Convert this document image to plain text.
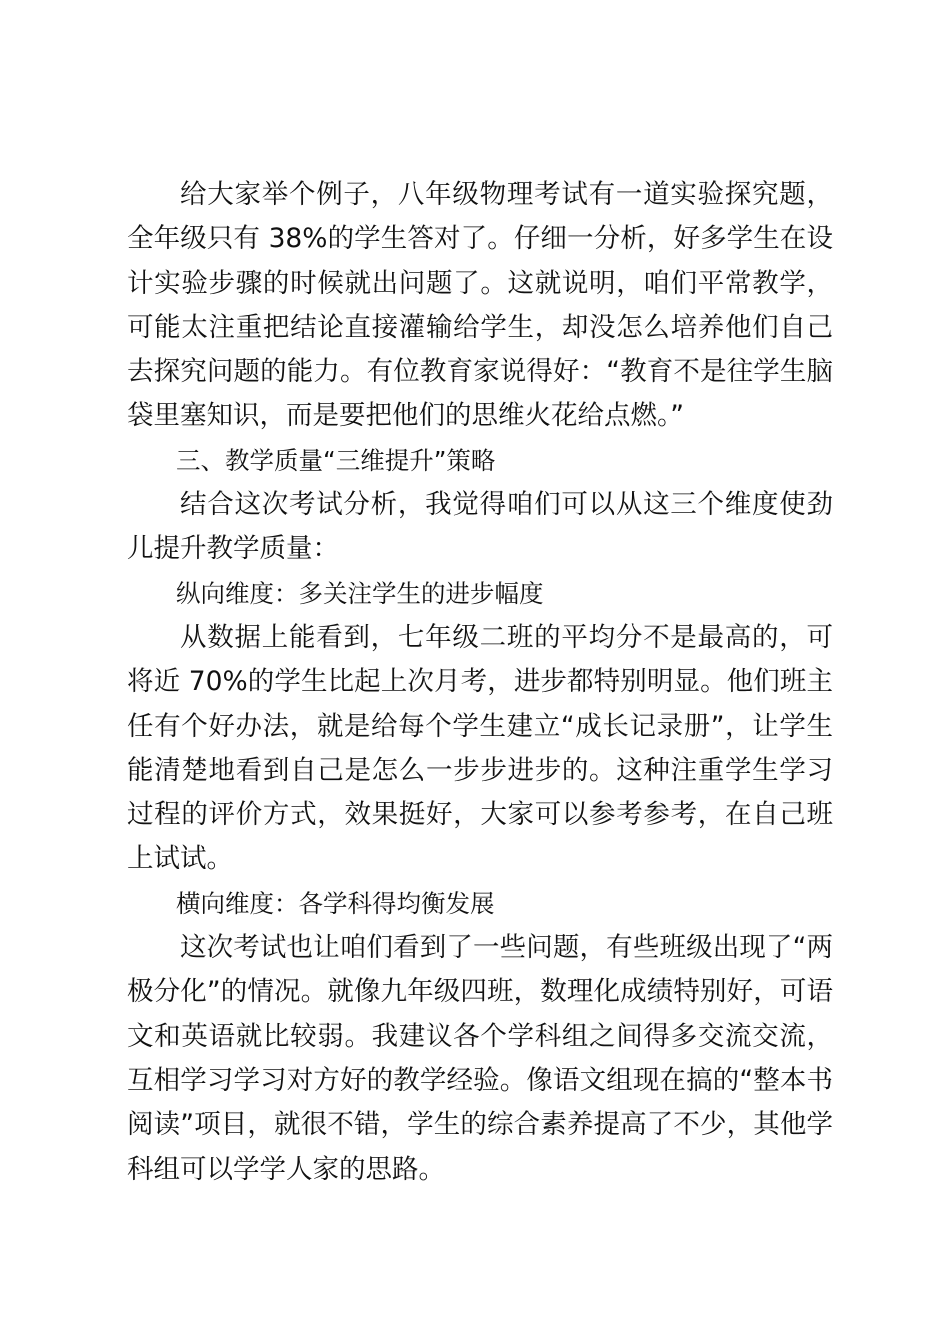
给大家举个例子，八年级物理考试有一道实验探究题，全年级只有 38%的学生答对了。仔细一分析，好多学生在设计实验步骤的时候就出问题了。这就说明，咱们平常教学，可能太注重把结论直接灌输给学生，却没怎么培养他们自己去探究问题的能力。有位教育家说得好：“教育不是往学生脑袋里塞知识，而是要把他们的思维火花给点燃。”

三、教学质量“三维提升”策略

结合这次考试分析，我觉得咱们可以从这三个维度使劲儿提升教学质量：

纵向维度：多关注学生的进步幅度

从数据上能看到，七年级二班的平均分不是最高的，可将近 70%的学生比起上次月考，进步都特别明显。他们班主任有个好办法，就是给每个学生建立“成长记录册”，让学生能清楚地看到自己是怎么一步步进步的。这种注重学生学习过程的评价方式，效果挺好，大家可以参考参考，在自己班上试试。

横向维度：各学科得均衡发展

这次考试也让咱们看到了一些问题，有些班级出现了“两极分化”的情况。就像九年级四班，数理化成绩特别好，可语文和英语就比较弱。我建议各个学科组之间得多交流交流，互相学习学习对方好的教学经验。像语文组现在搞的“整本书阅读”项目，就很不错，学生的综合素养提高了不少，其他学科组可以学学人家的思路。
